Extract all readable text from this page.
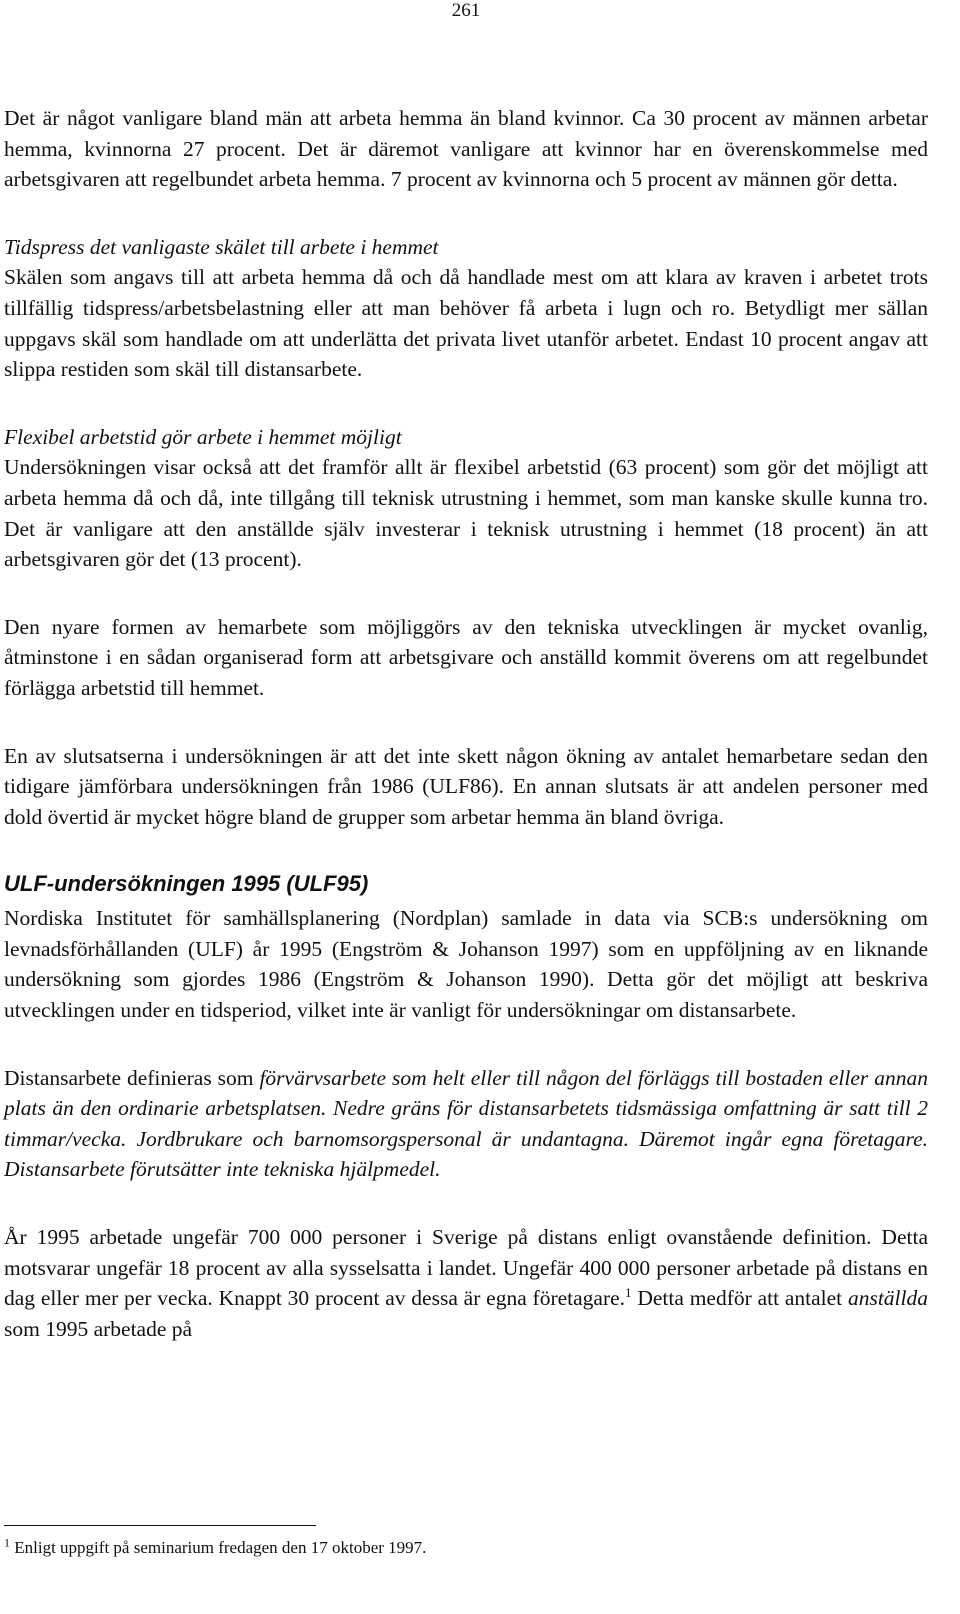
261

Det är något vanligare bland män att arbeta hemma än bland kvinnor. Ca 30 procent av männen arbetar hemma, kvinnorna 27 procent. Det är däremot vanligare att kvinnor har en överenskommelse med arbetsgivaren att regelbundet arbeta hemma. 7 procent av kvinnorna och 5 procent av männen gör detta.

Tidspress det vanligaste skälet till arbete i hemmet

Skälen som angavs till att arbeta hemma då och då handlade mest om att klara av kraven i arbetet trots tillfällig tidspress/arbetsbelastning eller att man behöver få arbeta i lugn och ro. Betydligt mer sällan uppgavs skäl som handlade om att underlätta det privata livet utanför arbetet. Endast 10 procent angav att slippa restiden som skäl till distansarbete.

Flexibel arbetstid gör arbete i hemmet möjligt

Undersökningen visar också att det framför allt är flexibel arbetstid (63 procent) som gör det möjligt att arbeta hemma då och då, inte tillgång till teknisk utrustning i hemmet, som man kanske skulle kunna tro. Det är vanligare att den anställde själv investerar i teknisk utrustning i hemmet (18 procent) än att arbetsgivaren gör det (13 procent).

Den nyare formen av hemarbete som möjliggörs av den tekniska utvecklingen är mycket ovanlig, åtminstone i en sådan organiserad form att arbetsgivare och anställd kommit överens om att regelbundet förlägga arbetstid till hemmet.

En av slutsatserna i undersökningen är att det inte skett någon ökning av antalet hemarbetare sedan den tidigare jämförbara undersökningen från 1986 (ULF86). En annan slutsats är att andelen personer med dold övertid är mycket högre bland de grupper som arbetar hemma än bland övriga.

ULF-undersökningen 1995 (ULF95)

Nordiska Institutet för samhällsplanering (Nordplan) samlade in data via SCB:s undersökning om levnadsförhållanden (ULF) år 1995 (Engström & Johanson 1997) som en uppföljning av en liknande undersökning som gjordes 1986 (Engström & Johanson 1990). Detta gör det möjligt att beskriva utvecklingen under en tidsperiod, vilket inte är vanligt för undersökningar om distansarbete.

Distansarbete definieras som förvärvsarbete som helt eller till någon del förläggs till bostaden eller annan plats än den ordinarie arbetsplatsen. Nedre gräns för distansarbetets tidsmässiga omfattning är satt till 2 timmar/vecka. Jordbrukare och barnomsorgspersonal är undantagna. Däremot ingår egna företagare. Distansarbete förutsätter inte tekniska hjälpmedel.

År 1995 arbetade ungefär 700 000 personer i Sverige på distans enligt ovanstående definition. Detta motsvarar ungefär 18 procent av alla sysselsatta i landet. Ungefär 400 000 personer arbetade på distans en dag eller mer per vecka. Knappt 30 procent av dessa är egna företagare.$^1$ Detta medför att antalet anställda som 1995 arbetade på

$^1$ Enligt uppgift på seminarium fredagen den 17 oktober 1997.
